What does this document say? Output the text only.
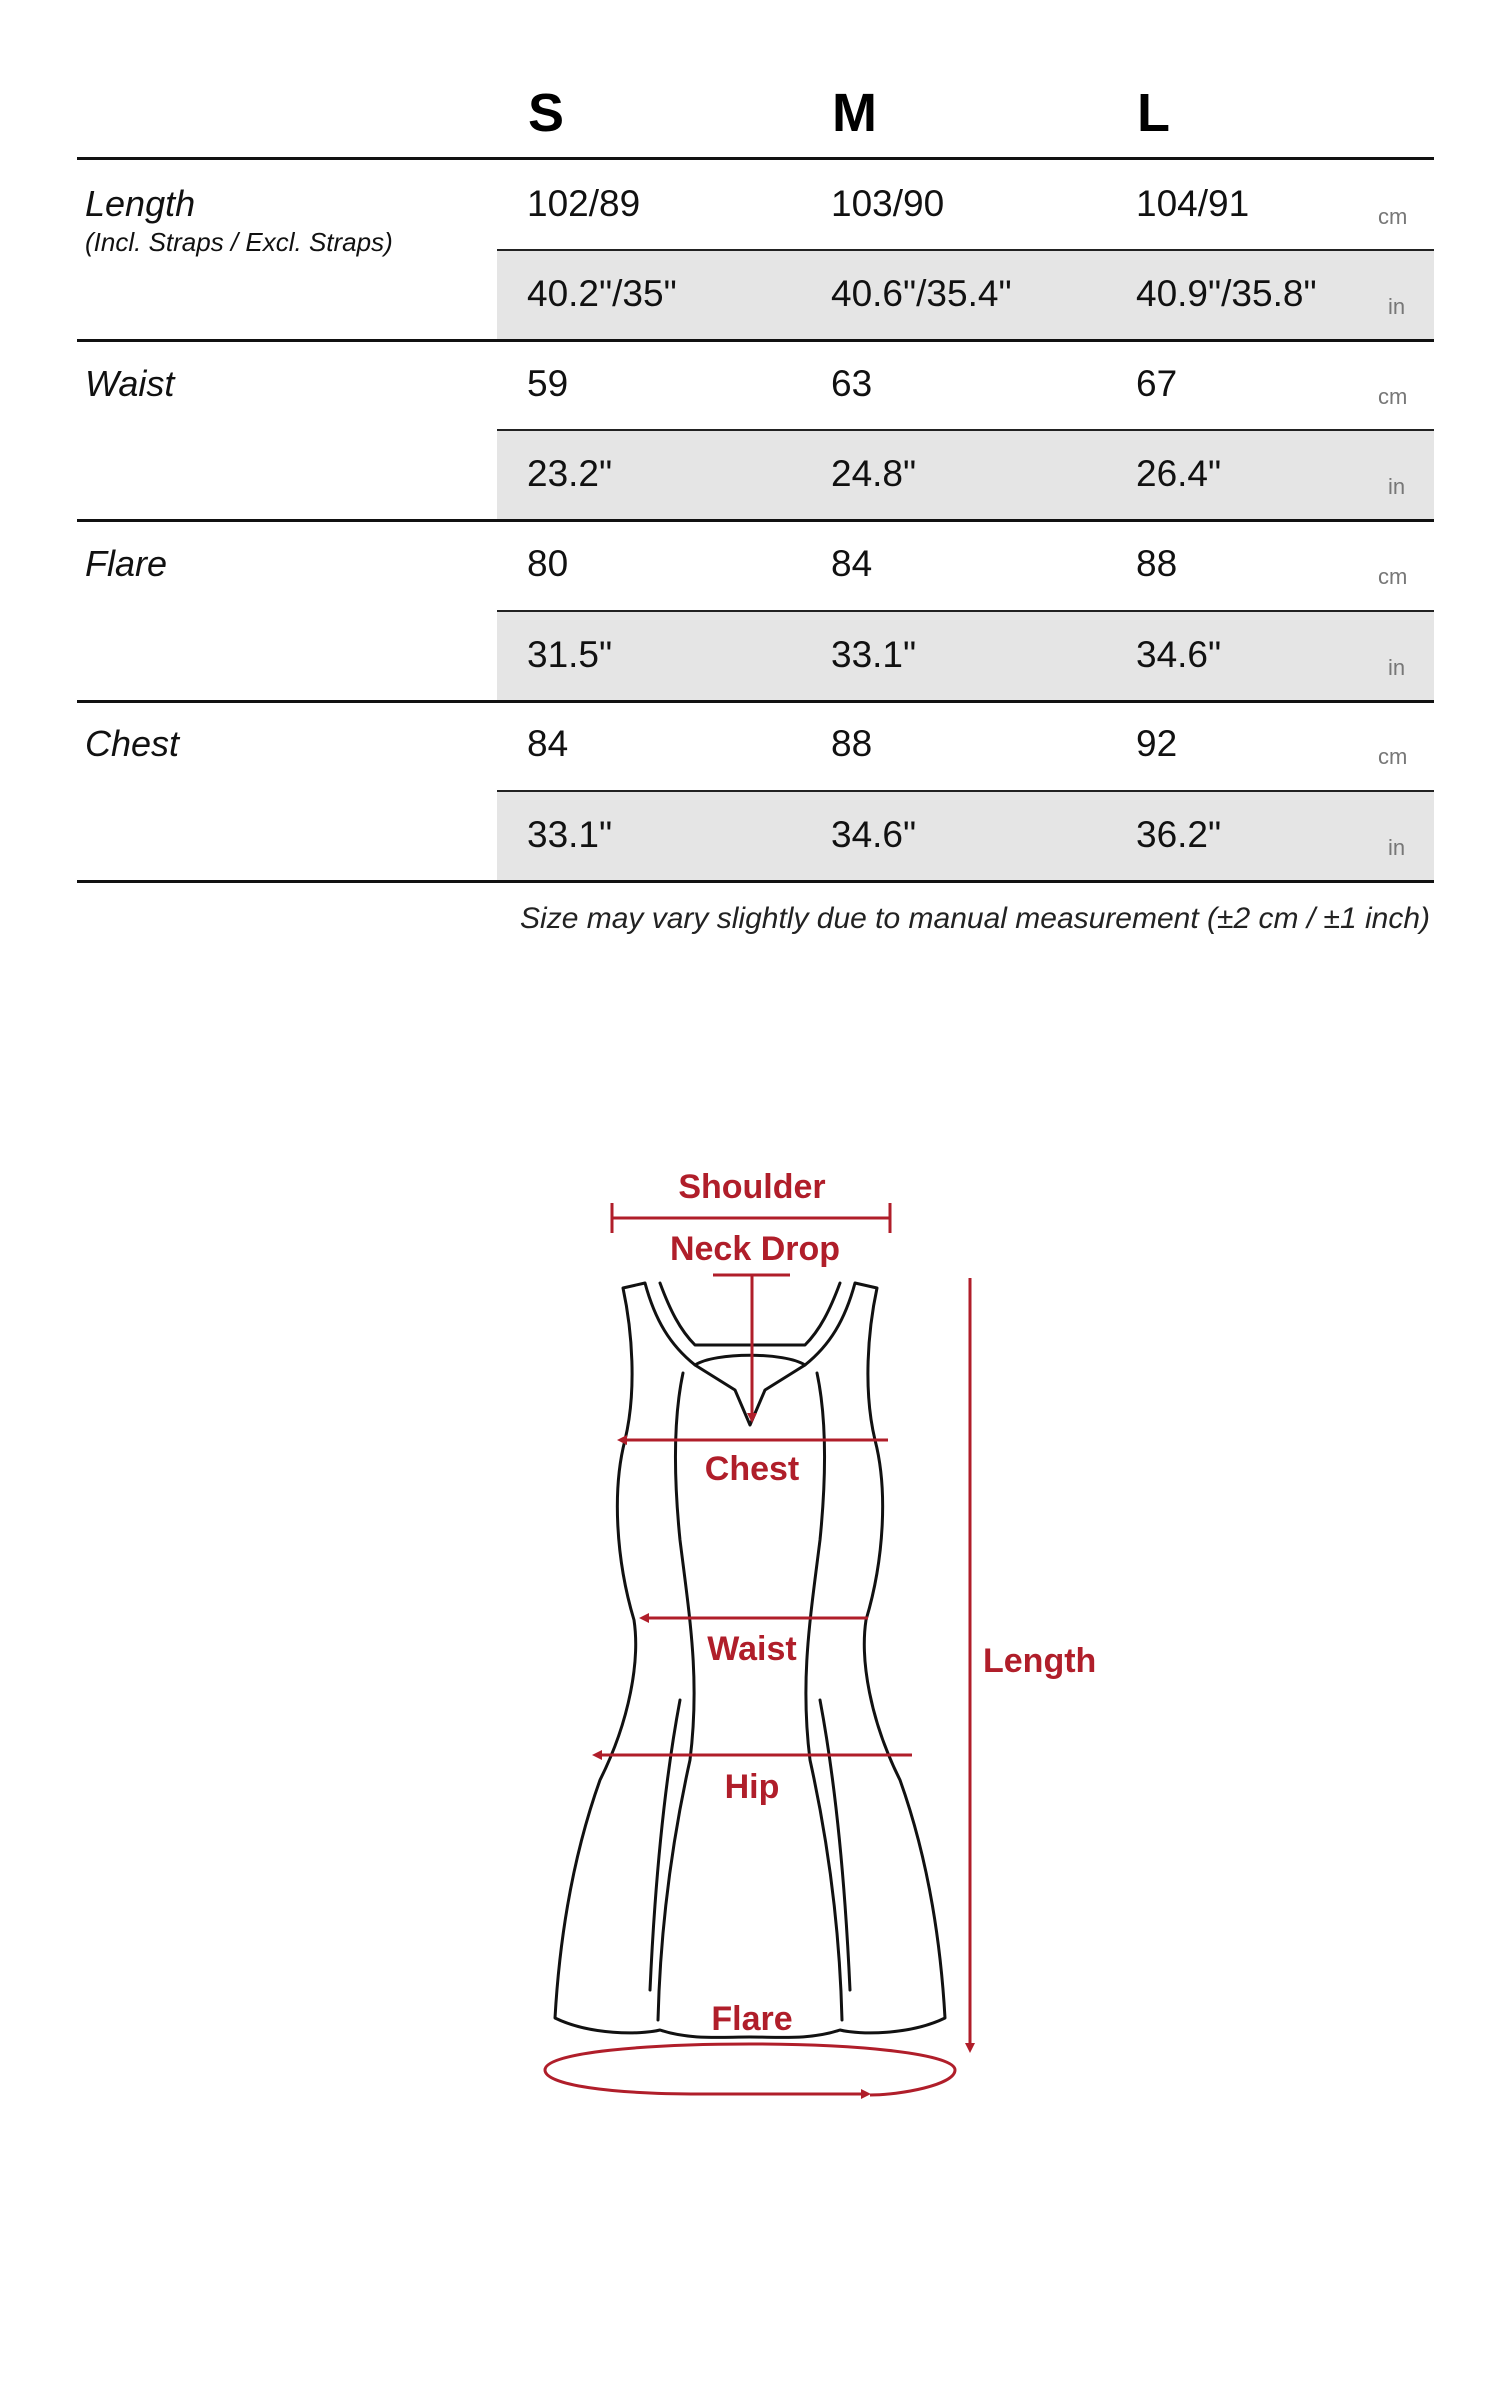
S	M	L
Length
(Incl. Straps / Excl. Straps)
102/89	103/90	104/91	cm
40.2"/35"	40.6"/35.4"	40.9"/35.8"	in
Waist	59	63	67	cm
23.2"	24.8"	26.4"	in
Flare	80	84	88	cm
31.5"	33.1"	34.6"	in
Chest	84	88	92	cm
33.1"	34.6"	36.2"	in
Size may vary slightly due to manual measurement (±2 cm / ±1 inch)
Shoulder
Neck Drop
Chest
Waist
Hip
Flare
Length
